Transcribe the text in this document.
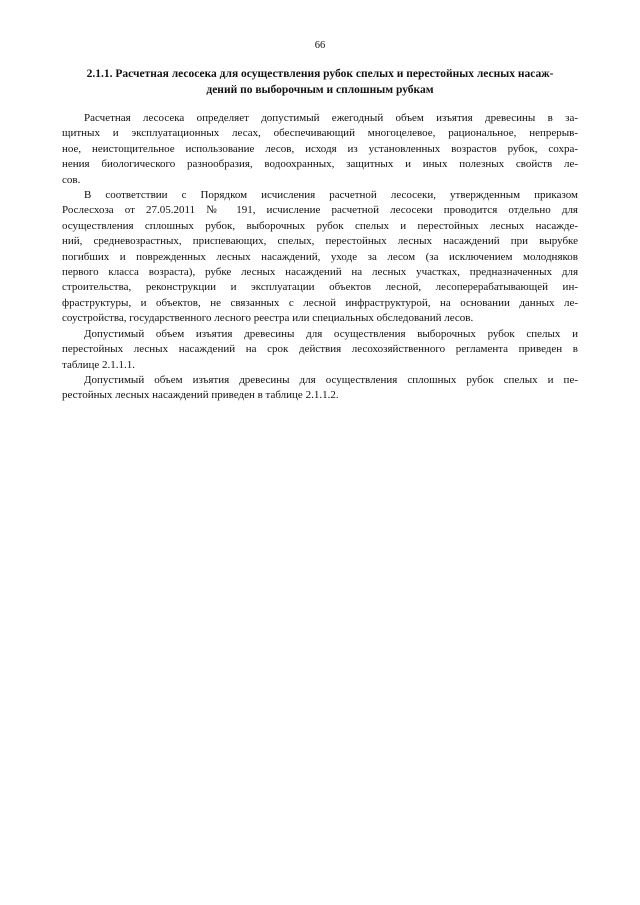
66
2.1.1. Расчетная лесосека для осуществления рубок спелых и перестойных лесных насаж-
дений по выборочным и сплошным рубкам

Расчетная лесосека определяет допустимый ежегодный объем изъятия древесины в за-
щитных и эксплуатационных лесах, обеспечивающий многоцелевое, рациональное, непрерыв-
ное, неистощительное использование лесов, исходя из установленных возрастов рубок, сохра-
нения биологического разнообразия, водоохранных, защитных и иных полезных свойств ле-
сов.

В соответствии с Порядком исчисления расчетной лесосеки, утвержденным приказом
Рослесхоза от 27.05.2011 № 191, исчисление расчетной лесосеки проводится отдельно для
осуществления сплошных рубок, выборочных рубок спелых и перестойных лесных насажде-
ний, средневозрастных, приспевающих, спелых, перестойных лесных насаждений при вырубке
погибших и поврежденных лесных насаждений, уходе за лесом (за исключением молодняков
первого класса возраста), рубке лесных насаждений на лесных участках, предназначенных для
строительства, реконструкции и эксплуатации объектов лесной, лесоперерабатывающей ин-
фраструктуры, и объектов, не связанных с лесной инфраструктурой, на основании данных ле-
соустройства, государственного лесного реестра или специальных обследований лесов.

Допустимый объем изъятия древесины для осуществления выборочных рубок спелых и
перестойных лесных насаждений на срок действия лесохозяйственного регламента приведен в
таблице 2.1.1.1.

Допустимый объем изъятия древесины для осуществления сплошных рубок спелых и пе-
рестойных лесных насаждений приведен в таблице 2.1.1.2.
